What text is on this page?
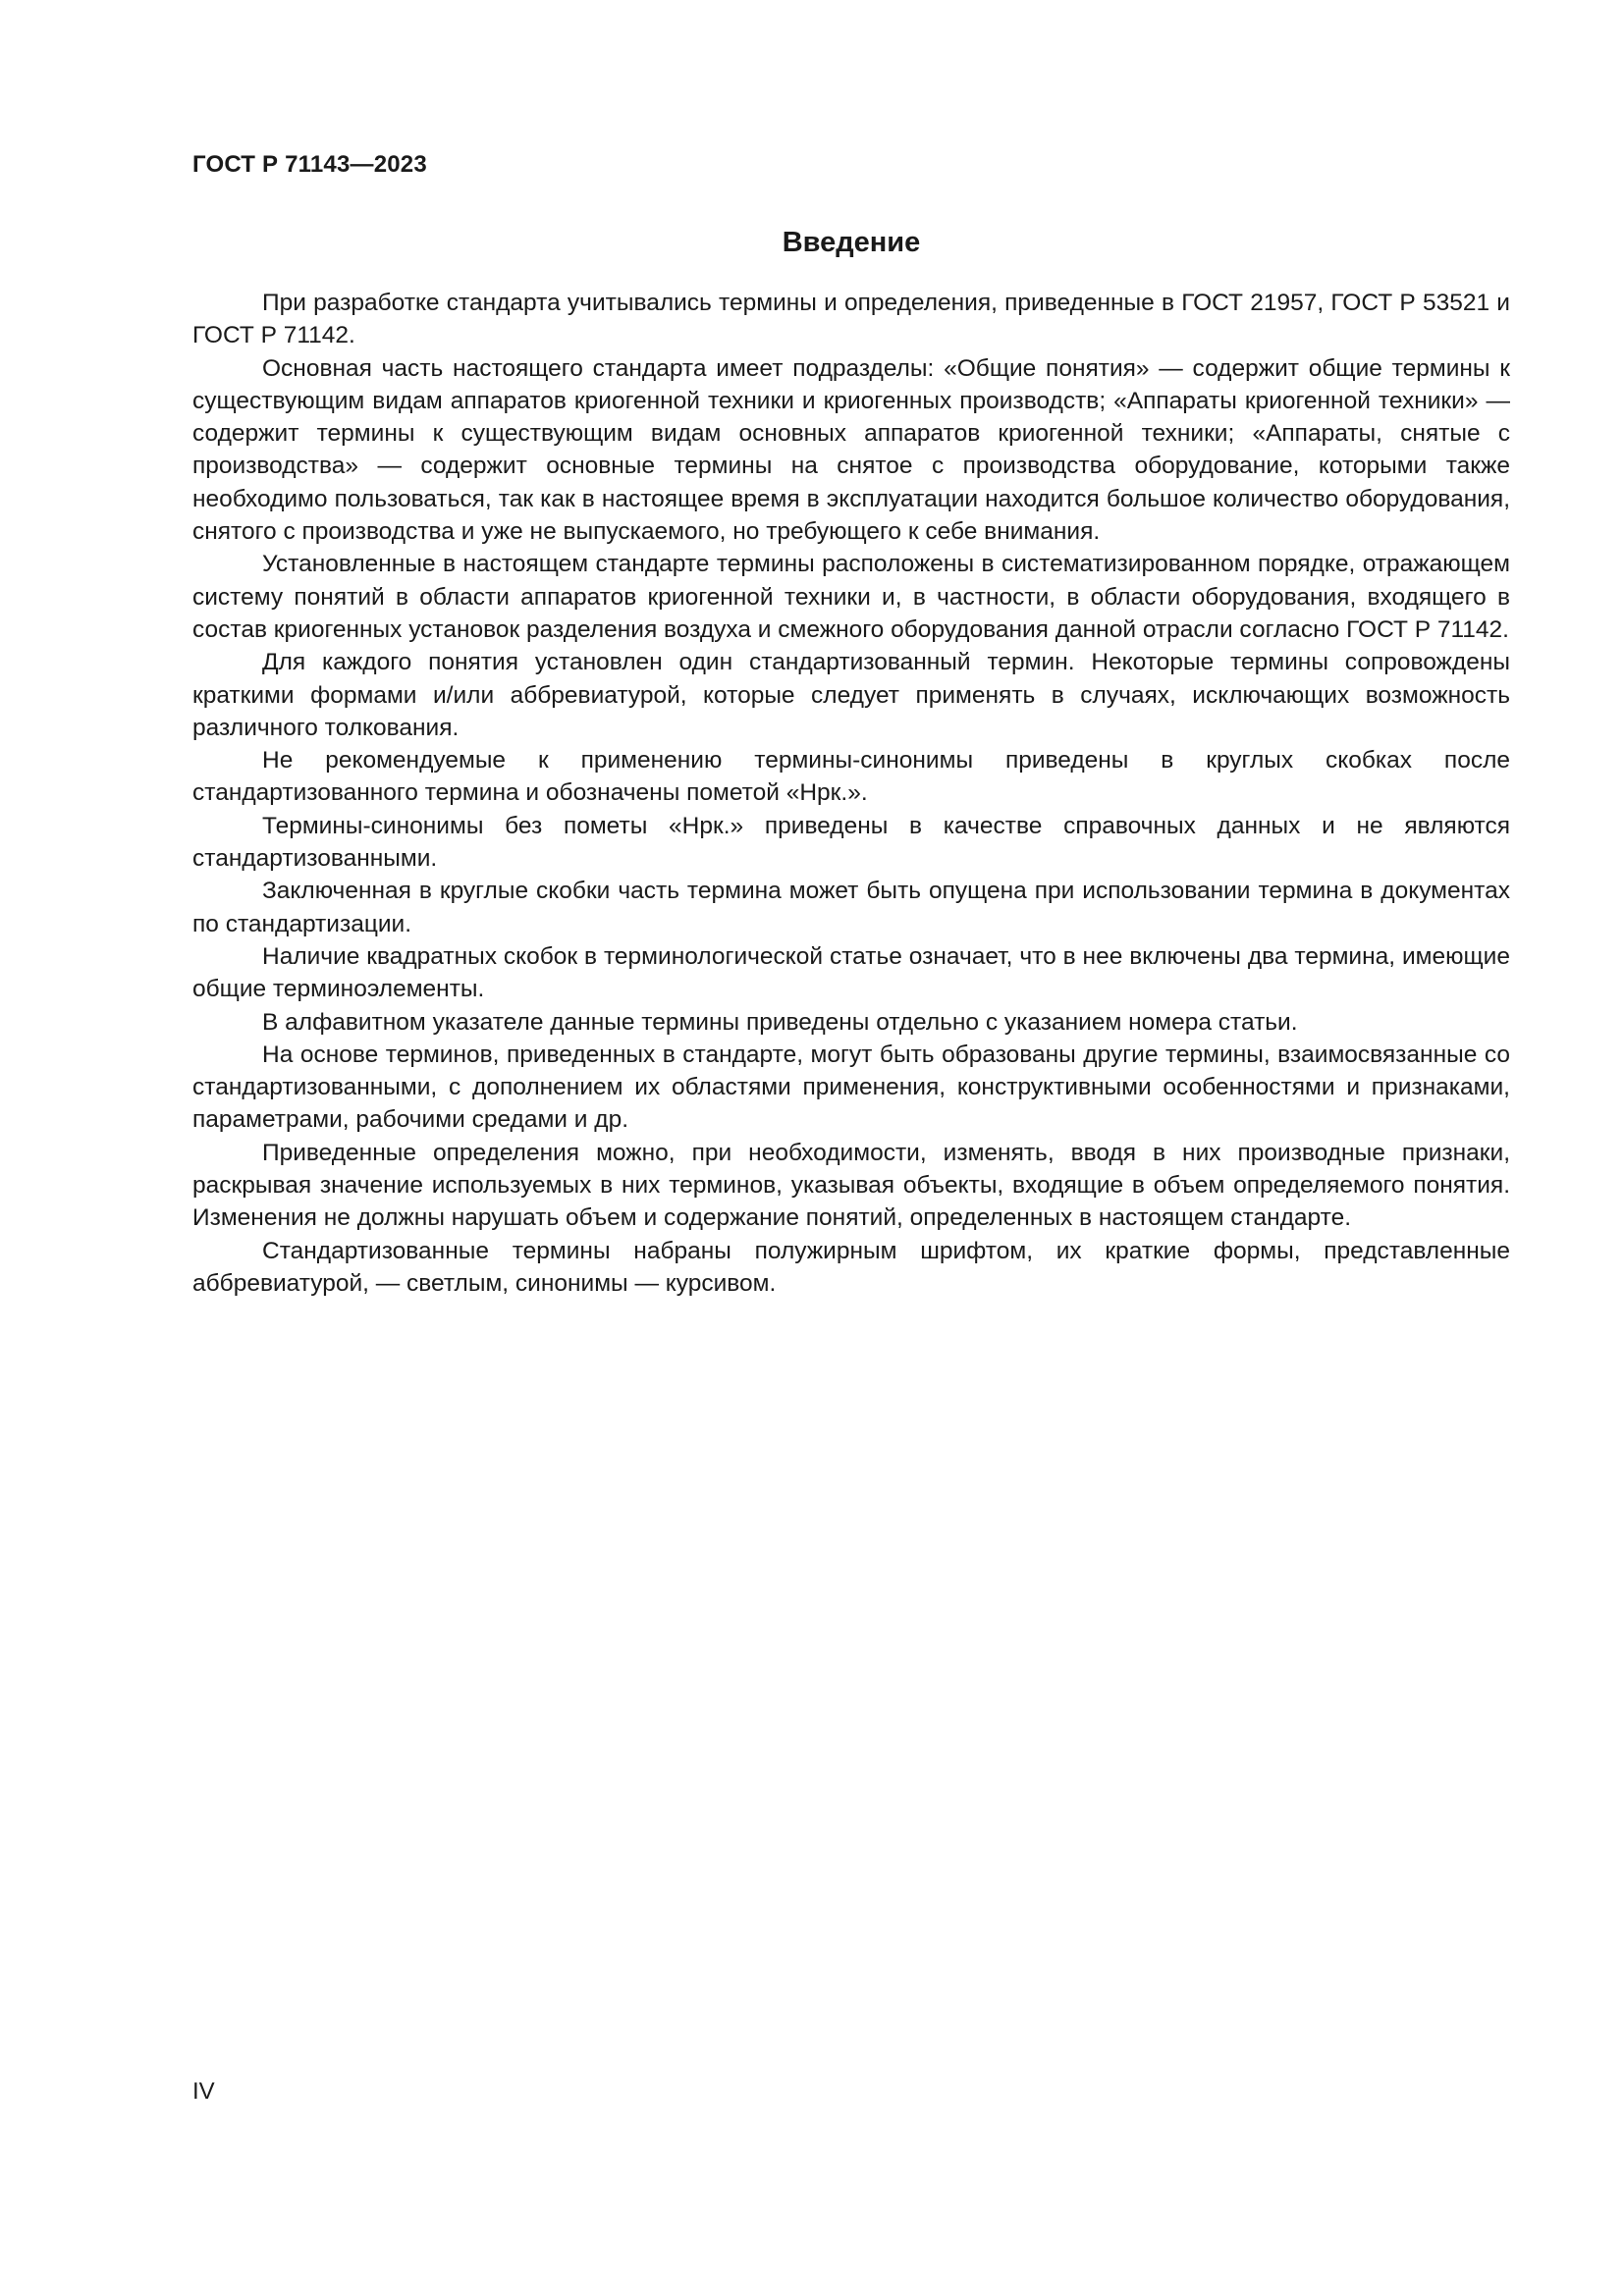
ГОСТ Р 71143—2023
Введение

При разработке стандарта учитывались термины и определения, приведенные в ГОСТ 21957, ГОСТ Р 53521 и ГОСТ Р 71142.

Основная часть настоящего стандарта имеет подразделы: «Общие понятия» — содержит общие термины к существующим видам аппаратов криогенной техники и криогенных производств; «Аппараты криогенной техники» — содержит термины к существующим видам основных аппаратов криогенной техники; «Аппараты, снятые с производства» — содержит основные термины на снятое с производства оборудование, которыми также необходимо пользоваться, так как в настоящее время в эксплуатации находится большое количество оборудования, снятого с производства и уже не выпускаемого, но требующего к себе внимания.

Установленные в настоящем стандарте термины расположены в систематизированном порядке, отражающем систему понятий в области аппаратов криогенной техники и, в частности, в области оборудования, входящего в состав криогенных установок разделения воздуха и смежного оборудования данной отрасли согласно ГОСТ Р 71142.

Для каждого понятия установлен один стандартизованный термин. Некоторые термины сопровождены краткими формами и/или аббревиатурой, которые следует применять в случаях, исключающих возможность различного толкования.

Не рекомендуемые к применению термины-синонимы приведены в круглых скобках после стандартизованного термина и обозначены пометой «Нрк.».

Термины-синонимы без пометы «Нрк.» приведены в качестве справочных данных и не являются стандартизованными.

Заключенная в круглые скобки часть термина может быть опущена при использовании термина в документах по стандартизации.

Наличие квадратных скобок в терминологической статье означает, что в нее включены два термина, имеющие общие терминоэлементы.

В алфавитном указателе данные термины приведены отдельно с указанием номера статьи.

На основе терминов, приведенных в стандарте, могут быть образованы другие термины, взаимосвязанные со стандартизованными, с дополнением их областями применения, конструктивными особенностями и признаками, параметрами, рабочими средами и др.

Приведенные определения можно, при необходимости, изменять, вводя в них производные признаки, раскрывая значение используемых в них терминов, указывая объекты, входящие в объем определяемого понятия. Изменения не должны нарушать объем и содержание понятий, определенных в настоящем стандарте.

Стандартизованные термины набраны полужирным шрифтом, их краткие формы, представленные аббревиатурой, — светлым, синонимы — курсивом.

IV
